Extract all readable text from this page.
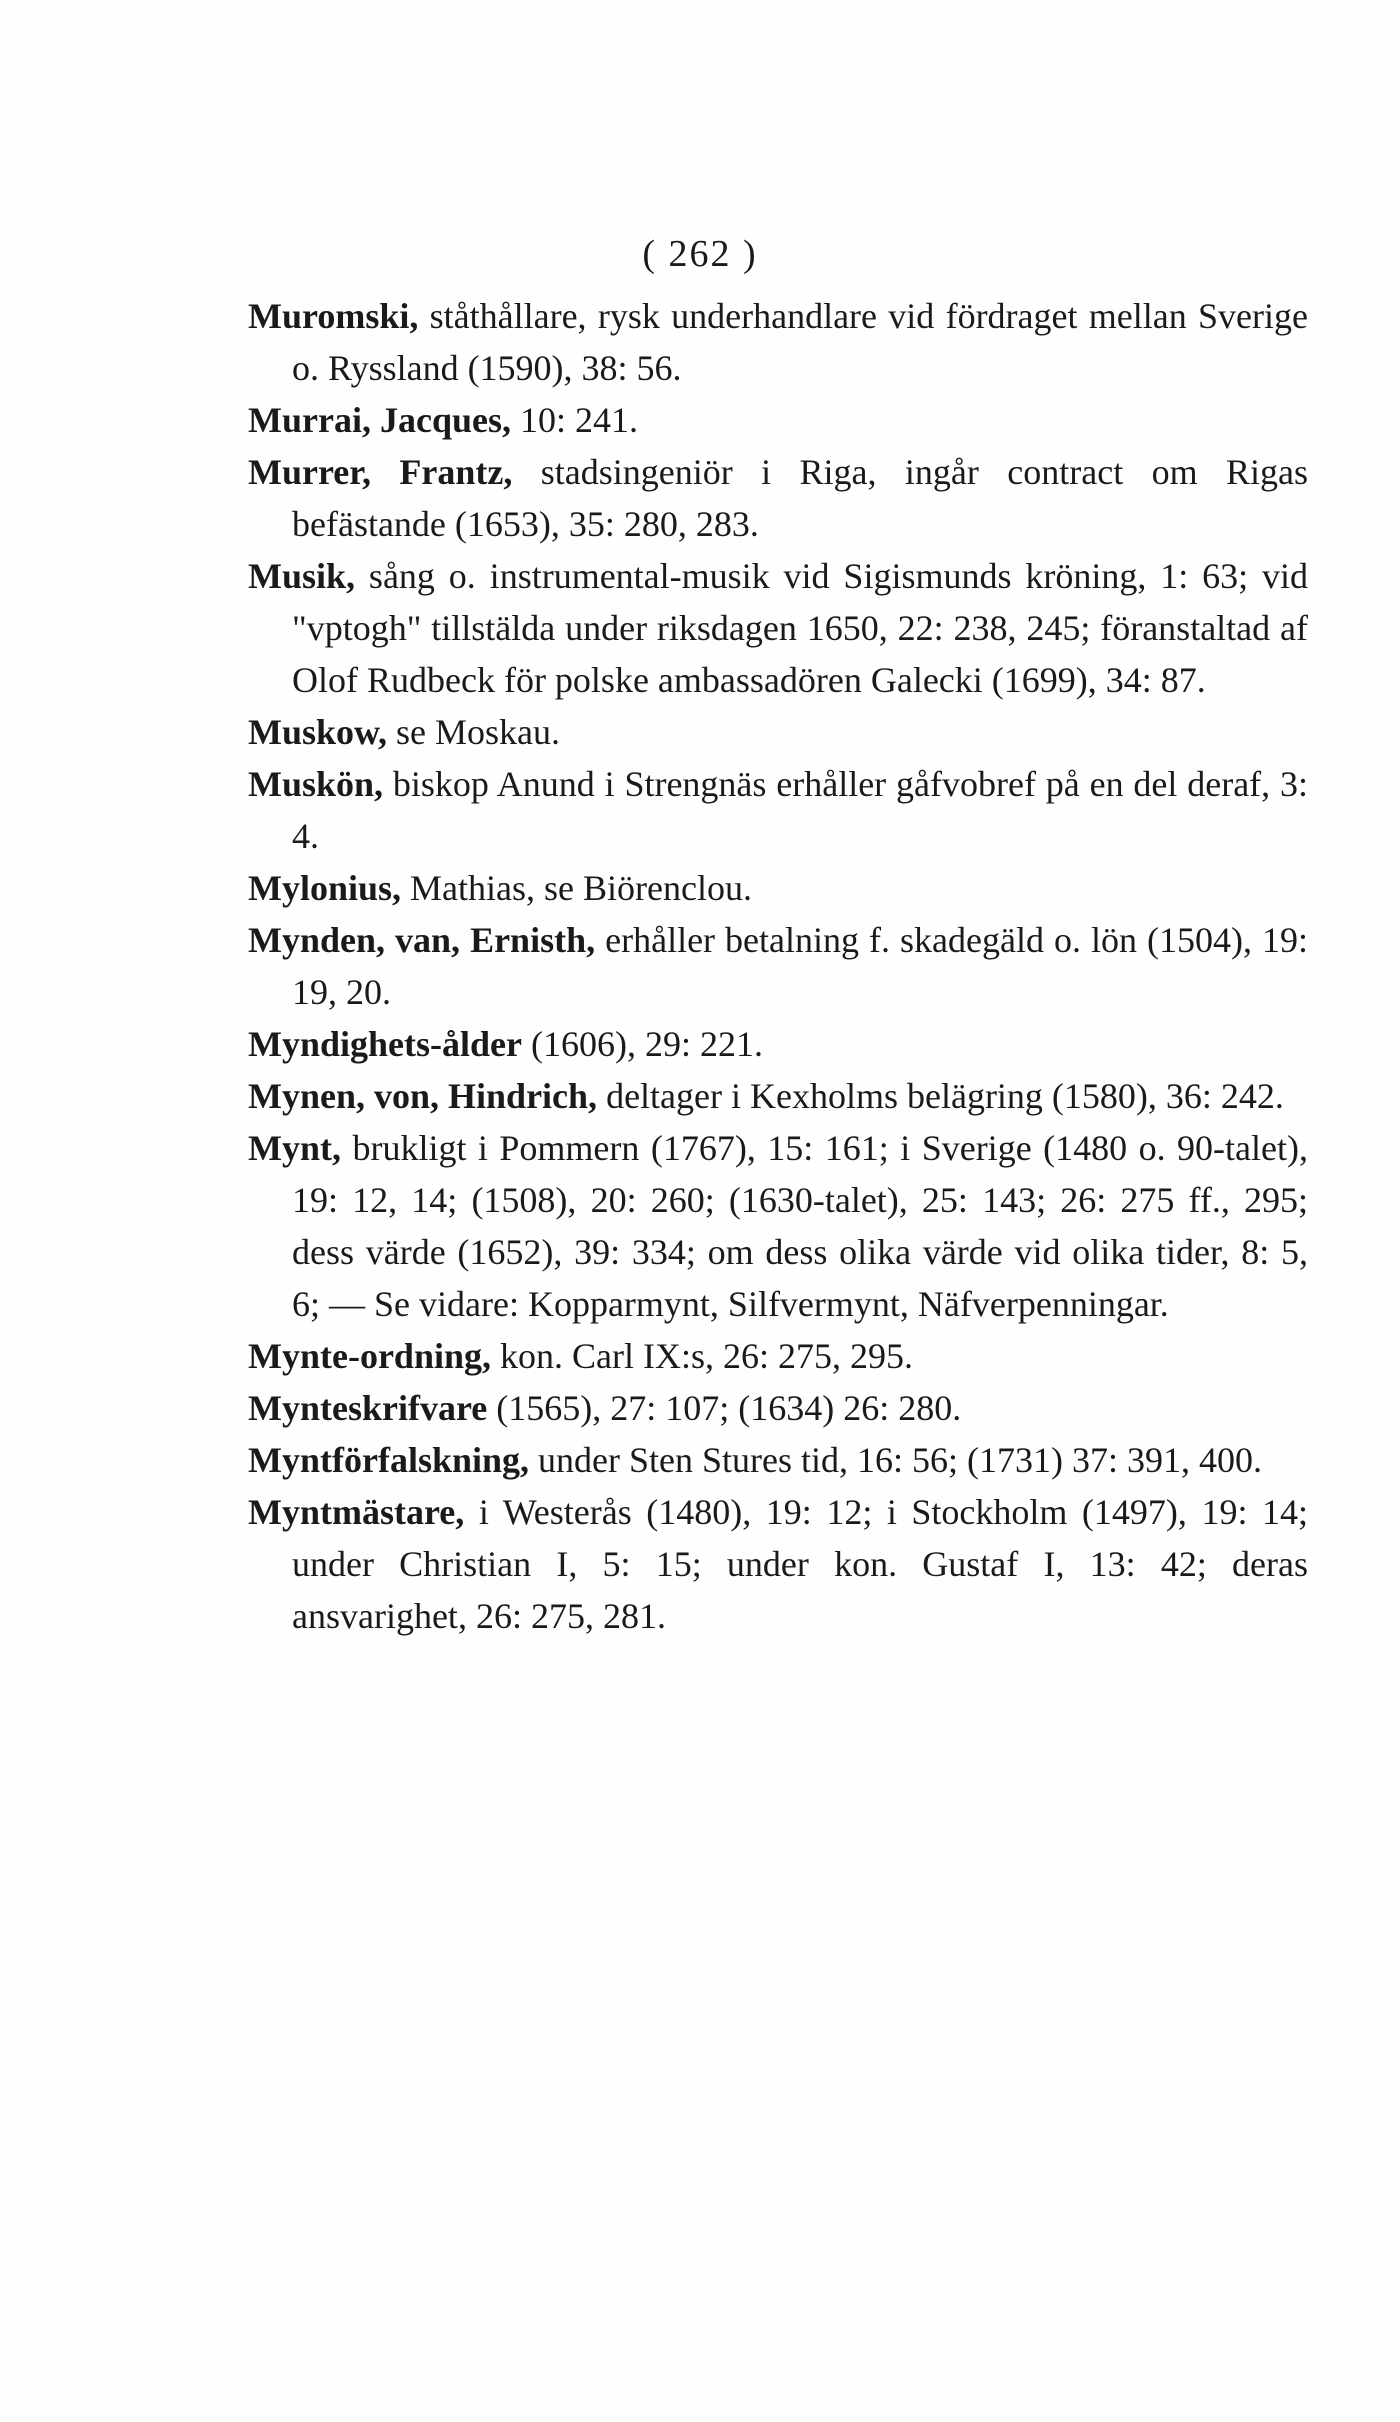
( 262 )
Muromski, ståthållare, rysk underhandlare vid fördraget mellan Sverige o. Ryssland (1590), 38: 56.
Murrai, Jacques, 10: 241.
Murrer, Frantz, stadsingeniör i Riga, ingår contract om Rigas befästande (1653), 35: 280, 283.
Musik, sång o. instrumental-musik vid Sigismunds kröning, 1: 63; vid "vptogh" tillstälda under riksdagen 1650, 22: 238, 245; föranstaltad af Olof Rudbeck för polske ambassadören Galecki (1699), 34: 87.
Muskow, se Moskau.
Muskön, biskop Anund i Strengnäs erhåller gåfvobref på en del deraf, 3: 4.
Mylonius, Mathias, se Biörenclou.
Mynden, van, Ernisth, erhåller betalning f. skadegäld o. lön (1504), 19: 19, 20.
Myndighets-ålder (1606), 29: 221.
Mynen, von, Hindrich, deltager i Kexholms belägring (1580), 36: 242.
Mynt, brukligt i Pommern (1767), 15: 161; i Sverige (1480 o. 90-talet), 19: 12, 14; (1508), 20: 260; (1630-talet), 25: 143; 26: 275 ff., 295; dess värde (1652), 39: 334; om dess olika värde vid olika tider, 8: 5, 6; — Se vidare: Kopparmynt, Silfvermynt, Näfverpenningar.
Mynte-ordning, kon. Carl IX:s, 26: 275, 295.
Mynteskrifvare (1565), 27: 107; (1634) 26: 280.
Myntförfalskning, under Sten Stures tid, 16: 56; (1731) 37: 391, 400.
Myntmästare, i Westerås (1480), 19: 12; i Stockholm (1497), 19: 14; under Christian I, 5: 15; under kon. Gustaf I, 13: 42; deras ansvarighet, 26: 275, 281.
